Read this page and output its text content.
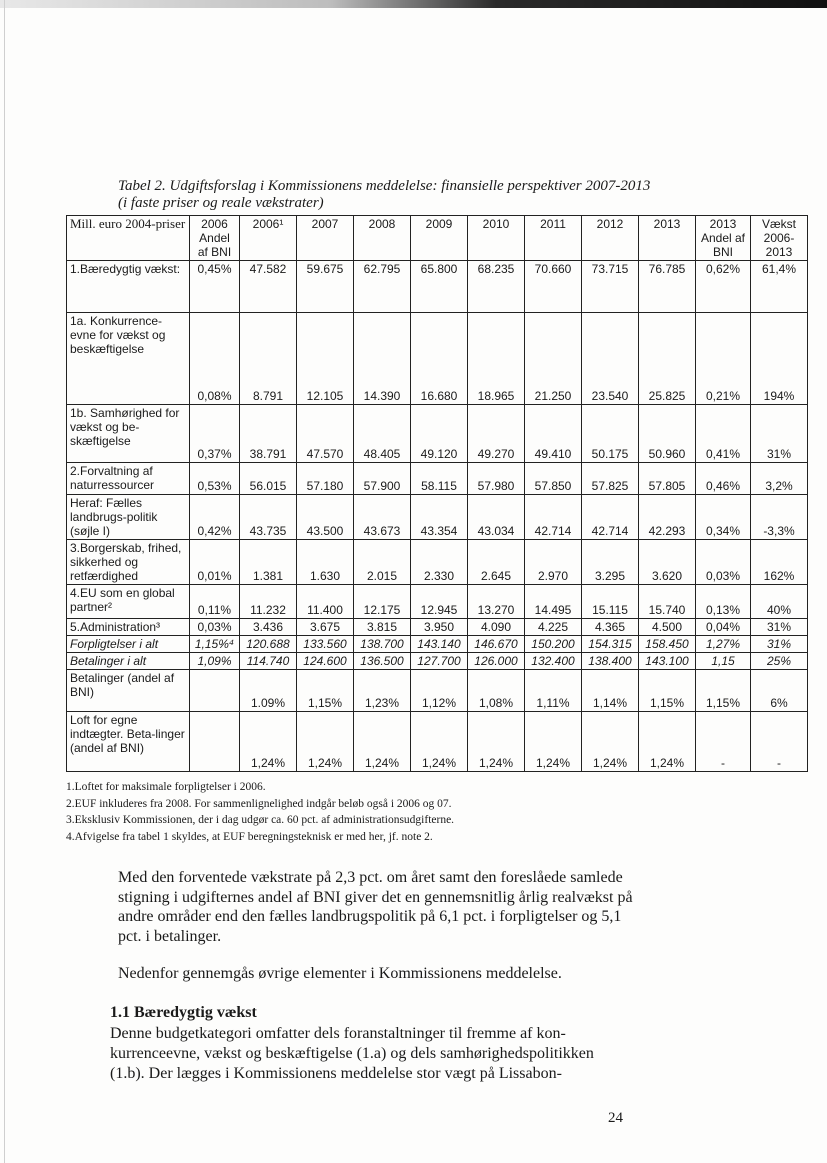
Tabel 2. Udgiftsforslag i Kommissionens meddelelse: finansielle perspektiver 2007-2013 (i faste priser og reale vækstrater)
Mill. euro 2004-priser	2006 Andel af BNI	2006¹	2007	2008	2009	2010	2011	2012	2013	2013 Andel af BNI	Vækst 2006-2013
1.Bæredygtig vækst:	0,45%	47.582	59.675	62.795	65.800	68.235	70.660	73.715	76.785	0,62%	61,4%
1a. Konkurrence-evne for vækst og beskæftigelse	0,08%	8.791	12.105	14.390	16.680	18.965	21.250	23.540	25.825	0,21%	194%
1b. Samhørighed for vækst og be-skæftigelse	0,37%	38.791	47.570	48.405	49.120	49.270	49.410	50.175	50.960	0,41%	31%
2.Forvaltning af naturressourcer	0,53%	56.015	57.180	57.900	58.115	57.980	57.850	57.825	57.805	0,46%	3,2%
Heraf: Fælles landbrugs-politik (søjle I)	0,42%	43.735	43.500	43.673	43.354	43.034	42.714	42.714	42.293	0,34%	-3,3%
3.Borgerskab, frihed, sikkerhed og retfærdighed	0,01%	1.381	1.630	2.015	2.330	2.645	2.970	3.295	3.620	0,03%	162%
4.EU som en global partner²	0,11%	11.232	11.400	12.175	12.945	13.270	14.495	15.115	15.740	0,13%	40%
5.Administration³	0,03%	3.436	3.675	3.815	3.950	4.090	4.225	4.365	4.500	0,04%	31%
Forpligtelser i alt	1,15%⁴	120.688	133.560	138.700	143.140	146.670	150.200	154.315	158.450	1,27%	31%
Betalinger i alt	1,09%	114.740	124.600	136.500	127.700	126.000	132.400	138.400	143.100	1,15	25%
Betalinger (andel af BNI)		1.09%	1,15%	1,23%	1,12%	1,08%	1,11%	1,14%	1,15%	1,15%	6%
Loft for egne indtægter. Beta-linger (andel af BNI)		1,24%	1,24%	1,24%	1,24%	1,24%	1,24%	1,24%	1,24%	-	-
1.Loftet for maksimale forpligtelser i 2006.
2.EUF inkluderes fra 2008. For sammenlignelighed indgår beløb også i 2006 og 07.
3.Eksklusiv Kommissionen, der i dag udgør ca. 60 pct. af administrationsudgifterne.
4.Afvigelse fra tabel 1 skyldes, at EUF beregningsteknisk er med her, jf. note 2.
Med den forventede vækstrate på 2,3 pct. om året samt den foreslåede samlede stigning i udgifternes andel af BNI giver det en gennemsnitlig årlig realvækst på andre områder end den fælles landbrugspolitik på 6,1 pct. i forpligtelser og 5,1 pct. i betalinger.
Nedenfor gennemgås øvrige elementer i Kommissionens meddelelse.
1.1 Bæredygtig vækst
Denne budgetkategori omfatter dels foranstaltninger til fremme af kon-kurrenceevne, vækst og beskæftigelse (1.a) og dels samhørighedspolitikken (1.b). Der lægges i Kommissionens meddelelse stor vægt på Lissabon-
24
